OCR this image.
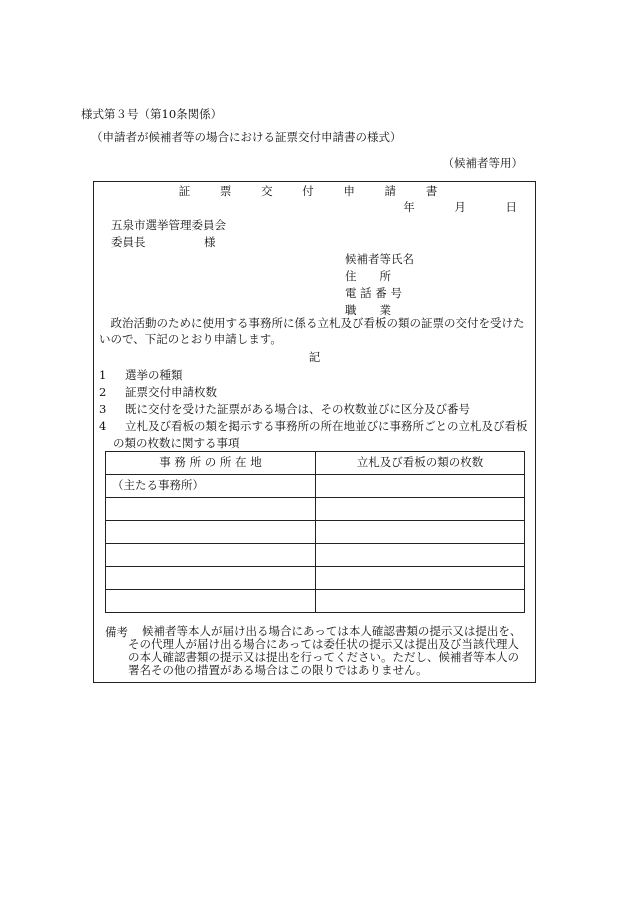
様式第３号（第10条関係）
（申請者が候補者等の場合における証票交付申請書の様式）
（候補者等用）
証 票 交 付 申 請 書
年	月	日
五泉市選挙管理委員会
委員長	様
候補者等氏名
住　　所
電 話 番 号
職　　業
政治活動のために使用する事務所に係る立札及び看板の類の証票の交付を受けたいので、下記のとおり申請します。
記
1 選挙の種類
2 証票交付申請枚数
3 既に交付を受けた証票がある場合は、その枚数並びに区分及び番号
4 立札及び看板の類を掲示する事務所の所在地並びに事務所ごとの立札及び看板
の類の枚数に関する事項
事 務 所 の 所 在 地	立札及び看板の類の枚数
（主たる事務所）	

備考	候補者等本人が届け出る場合にあっては本人確認書類の提示又は提出を、その代理人が届け出る場合にあっては委任状の提示又は提出及び当該代理人の本人確認書類の提示又は提出を行ってください。ただし、候補者等本人の署名その他の措置がある場合はこの限りではありません。
